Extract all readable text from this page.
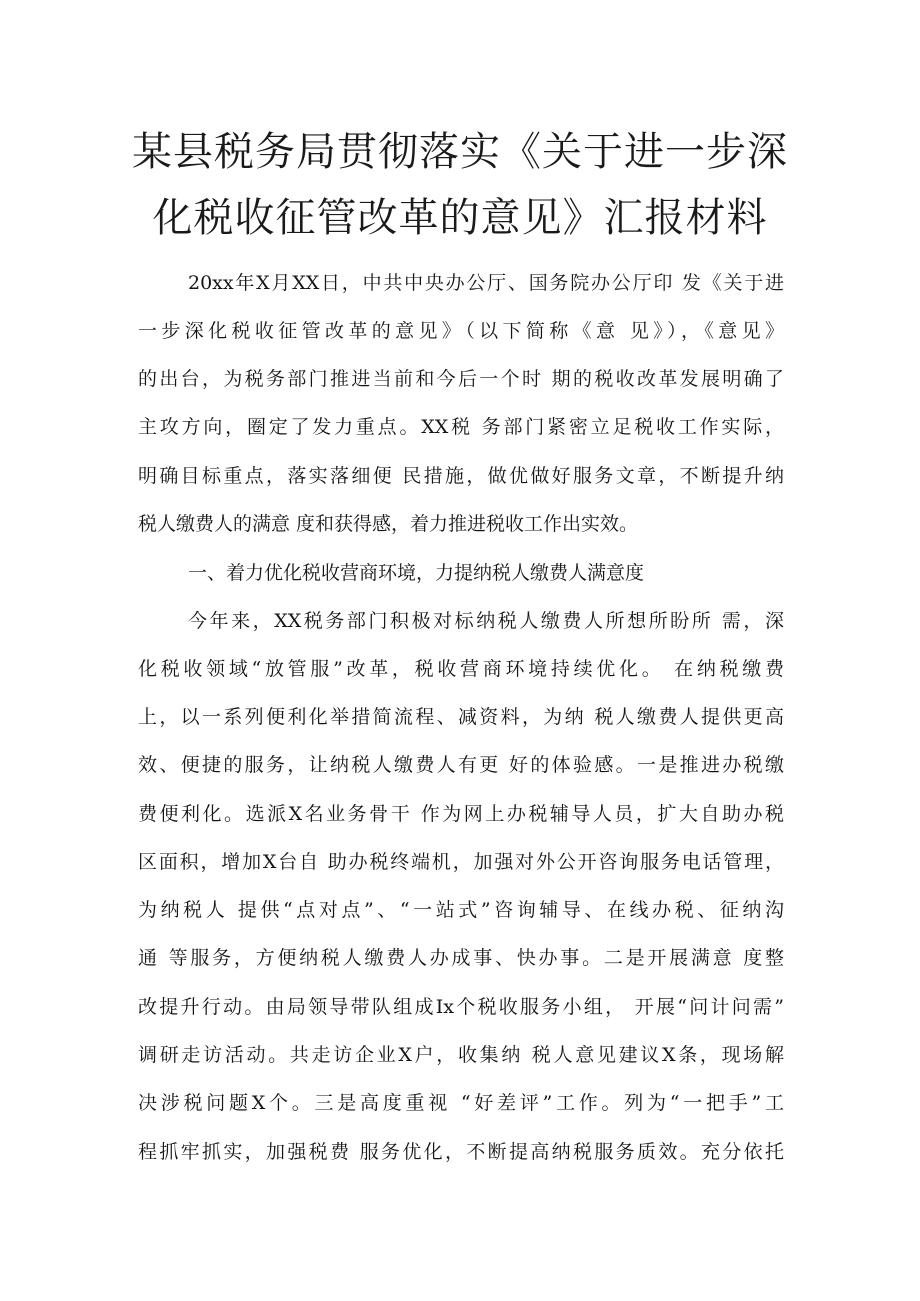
某县税务局贯彻落实《关于进一步深
化税收征管改革的意见》汇报材料
20xx年X月XX日，中共中央办公厅、国务院办公厅印 发《关于进
一步深化税收征管改革的意见》（以下简称《意 见》），《意见》
的出台，为税务部门推进当前和今后一个时 期的税收改革发展明确了
主攻方向，圈定了发力重点。XX税 务部门紧密立足税收工作实际，
明确目标重点，落实落细便 民措施，做优做好服务文章，不断提升纳
税人缴费人的满意 度和获得感，着力推进税收工作出实效。
一、着力优化税收营商环境，力提纳税人缴费人满意度
今年来，XX税务部门积极对标纳税人缴费人所想所盼所 需，深
化税收领域“放管服”改革，税收营商环境持续优化。 在纳税缴费
上，以一系列便利化举措简流程、减资料，为纳 税人缴费人提供更高
效、便捷的服务，让纳税人缴费人有更 好的体验感。一是推进办税缴
费便利化。选派X名业务骨干 作为网上办税辅导人员，扩大自助办税
区面积，增加X台自 助办税终端机，加强对外公开咨询服务电话管理，
为纳税人 提供“点对点”、“一站式”咨询辅导、在线办税、征纳沟
通 等服务，方便纳税人缴费人办成事、快办事。二是开展满意 度整
改提升行动。由局领导带队组成Ix个税收服务小组， 开展“问计问需”
调研走访活动。共走访企业X户，收集纳 税人意见建议X条，现场解
决涉税问题X个。三是高度重视 “好差评”工作。列为“一把手”工
程抓牢抓实，加强税费 服务优化，不断提高纳税服务质效。充分依托
